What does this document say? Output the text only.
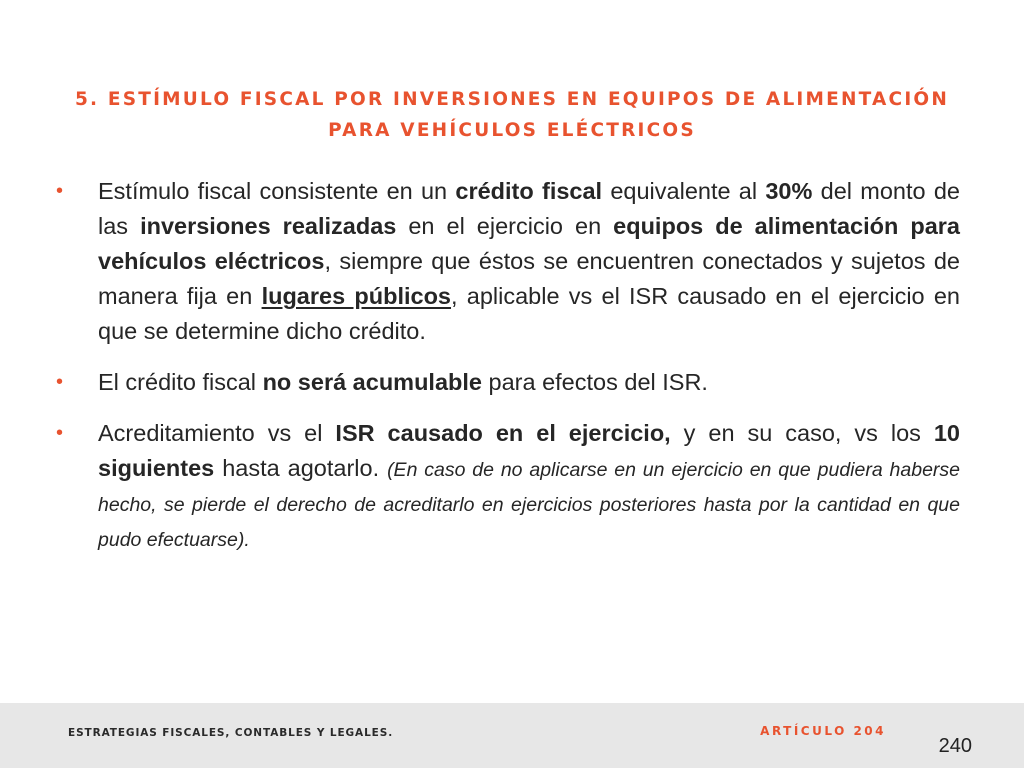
5. ESTÍMULO FISCAL POR INVERSIONES EN EQUIPOS DE ALIMENTACIÓN
PARA VEHÍCULOS ELÉCTRICOS
• Estímulo fiscal consistente en un crédito fiscal equivalente al 30% del monto de las inversiones realizadas en el ejercicio en equipos de alimentación para vehículos eléctricos, siempre que éstos se encuentren conectados y sujetos de manera fija en lugares públicos, aplicable vs el ISR causado en el ejercicio en que se determine dicho crédito.
• El crédito fiscal no será acumulable para efectos del ISR.
• Acreditamiento vs el ISR causado en el ejercicio, y en su caso, vs los 10 siguientes hasta agotarlo. (En caso de no aplicarse en un ejercicio en que pudiera haberse hecho, se pierde el derecho de acreditarlo en ejercicios posteriores hasta por la cantidad en que pudo efectuarse).
ESTRATEGIAS FISCALES, CONTABLES Y LEGALES.	ARTÍCULO 204
240
